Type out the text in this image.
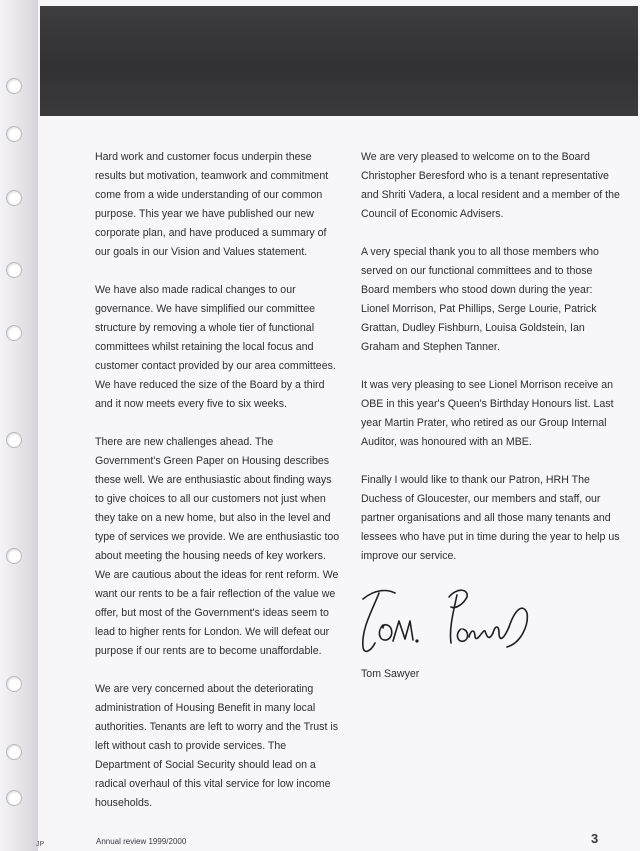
Hard work and customer focus underpin these results but motivation, teamwork and commitment come from a wide understanding of our common purpose. This year we have published our new corporate plan, and have produced a summary of our goals in our Vision and Values statement.

We have also made radical changes to our governance. We have simplified our committee structure by removing a whole tier of functional committees whilst retaining the local focus and customer contact provided by our area committees. We have reduced the size of the Board by a third and it now meets every five to six weeks.

There are new challenges ahead. The Government's Green Paper on Housing describes these well. We are enthusiastic about finding ways to give choices to all our customers not just when they take on a new home, but also in the level and type of services we provide. We are enthusiastic too about meeting the housing needs of key workers. We are cautious about the ideas for rent reform. We want our rents to be a fair reflection of the value we offer, but most of the Government's ideas seem to lead to higher rents for London. We will defeat our purpose if our rents are to become unaffordable.

We are very concerned about the deteriorating administration of Housing Benefit in many local authorities. Tenants are left to worry and the Trust is left without cash to provide services. The Department of Social Security should lead on a radical overhaul of this vital service for low income households.

We are very pleased to welcome on to the Board Christopher Beresford who is a tenant representative and Shriti Vadera, a local resident and a member of the Council of Economic Advisers.

A very special thank you to all those members who served on our functional committees and to those Board members who stood down during the year: Lionel Morrison, Pat Phillips, Serge Lourie, Patrick Grattan, Dudley Fishburn, Louisa Goldstein, Ian Graham and Stephen Tanner.

It was very pleasing to see Lionel Morrison receive an OBE in this year's Queen's Birthday Honours list. Last year Martin Prater, who retired as our Group Internal Auditor, was honoured with an MBE.

Finally I would like to thank our Patron, HRH The Duchess of Gloucester, our members and staff, our partner organisations and all those many tenants and lessees who have put in time during the year to help us improve our service.

Tom Sawyer
JP	Annual review 1999/2000	3
